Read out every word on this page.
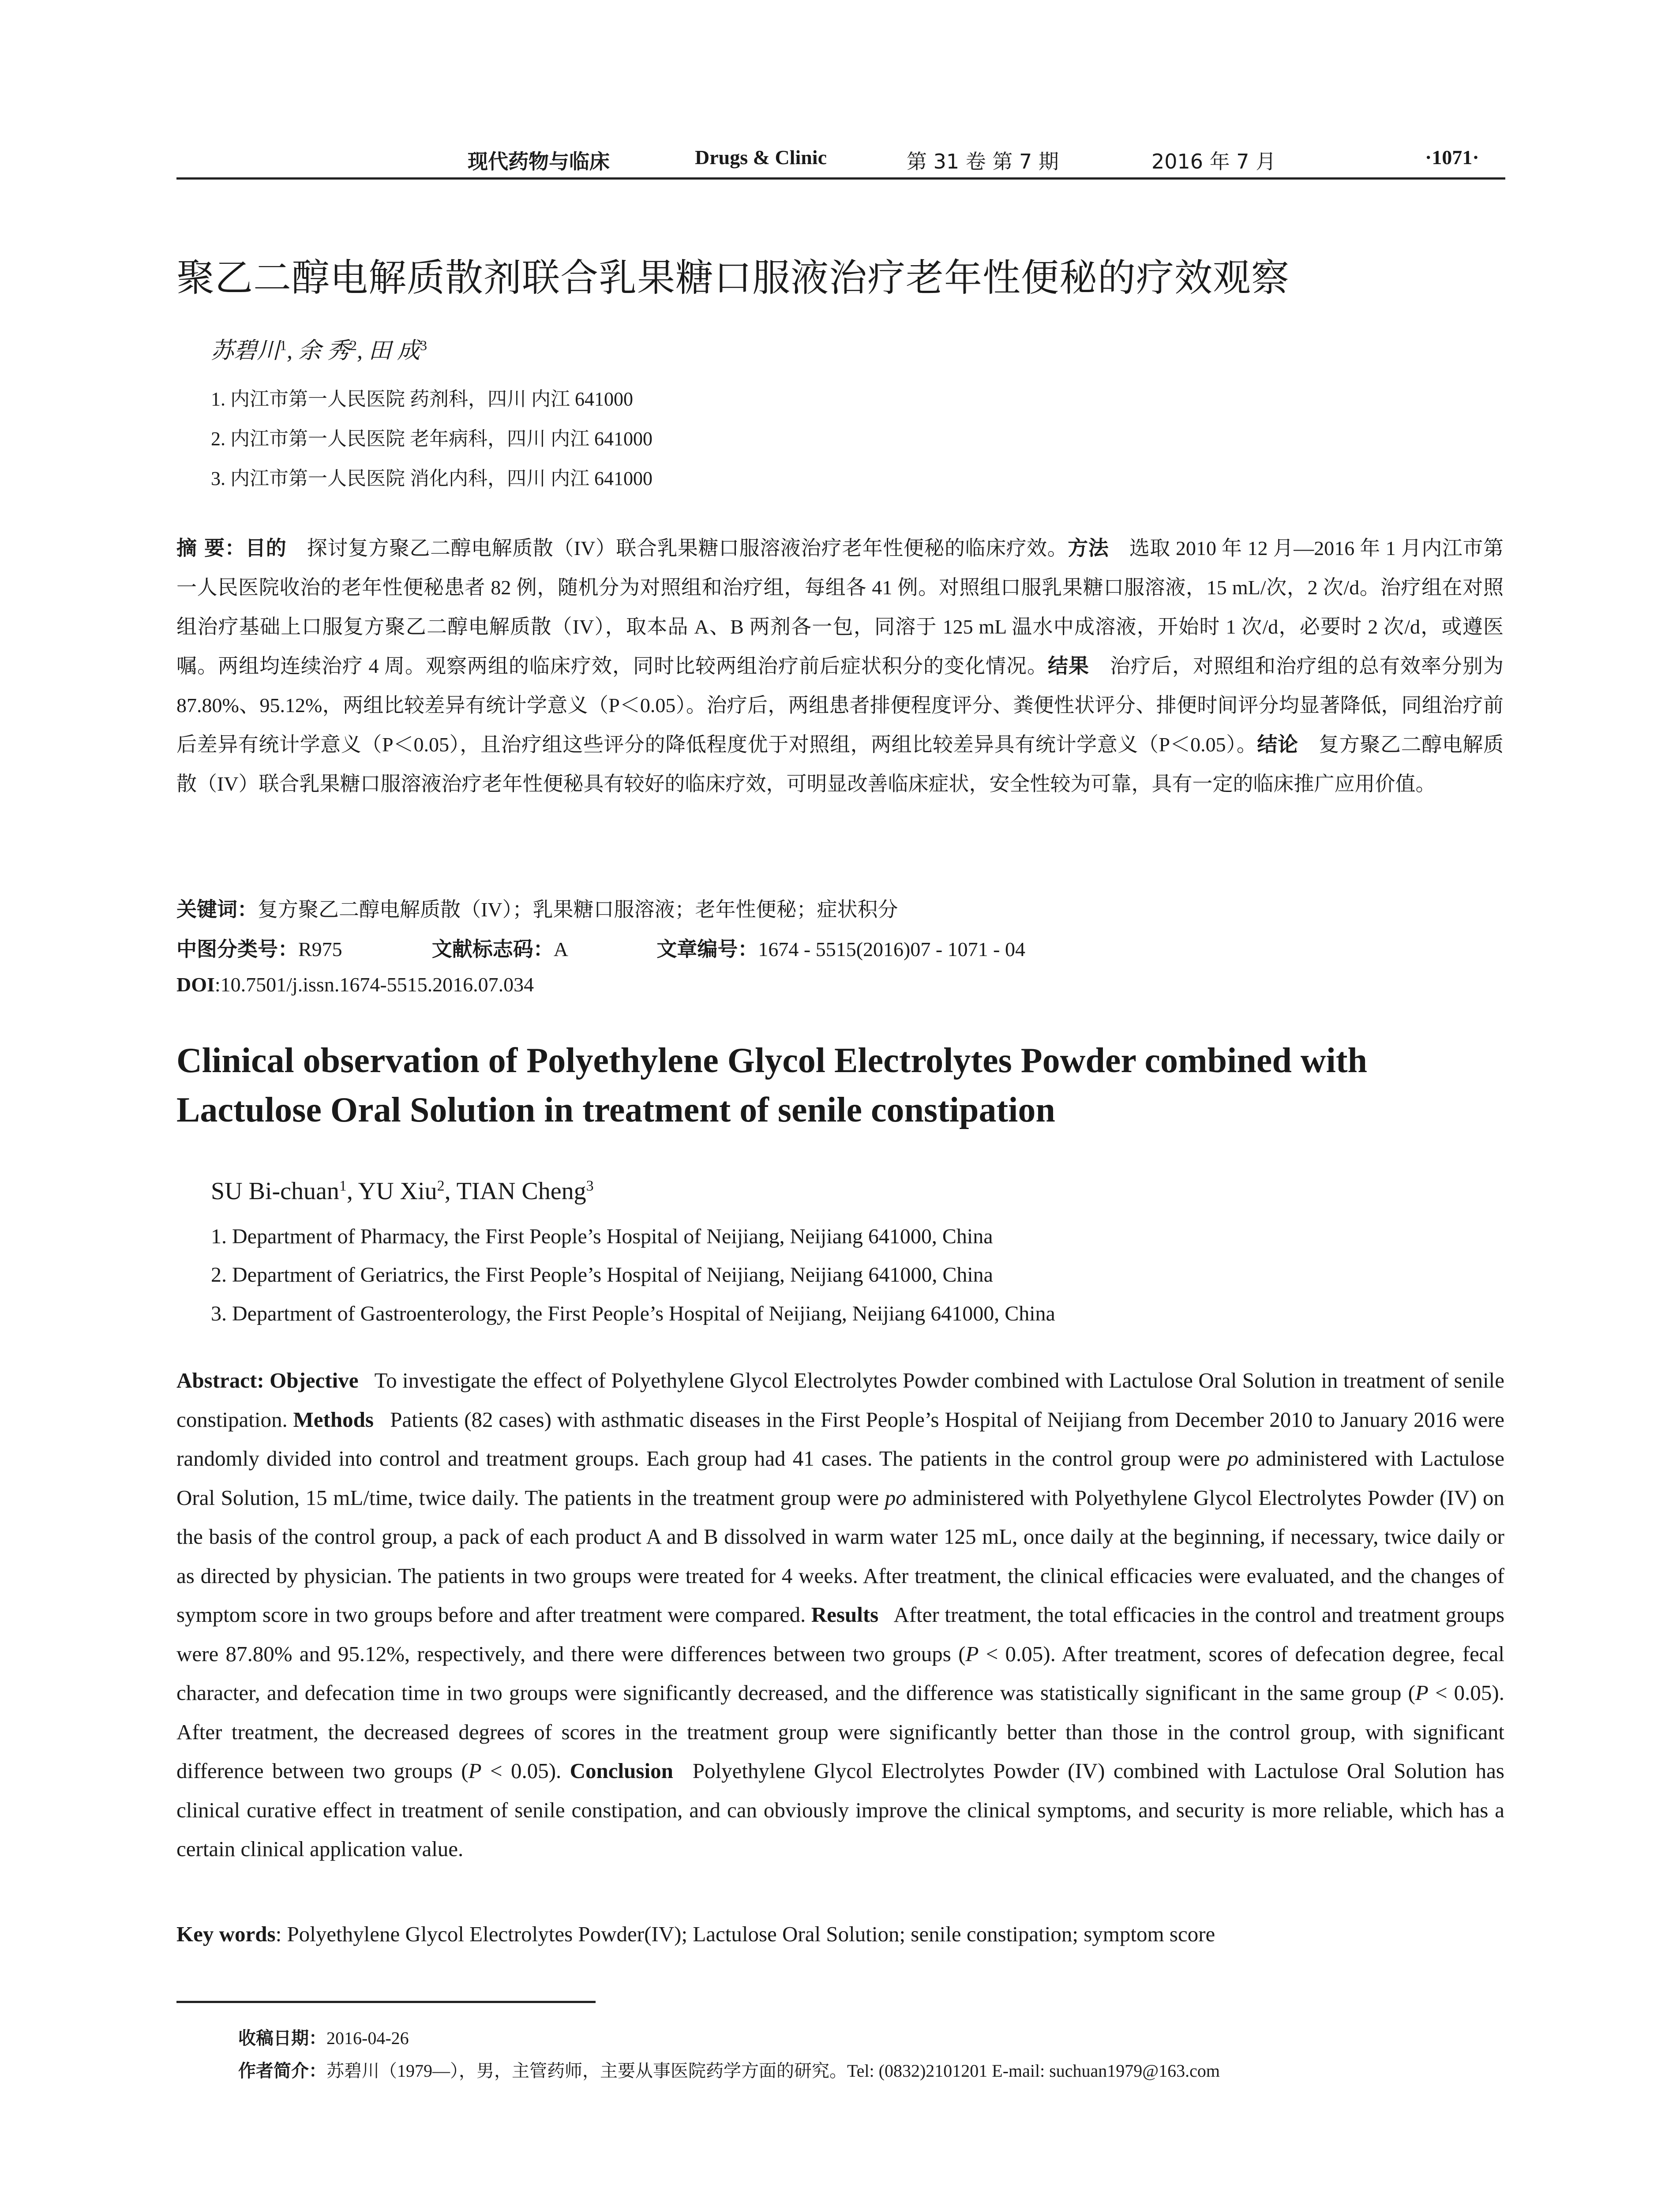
现代药物与临床	Drugs & Clinic	第 31 卷 第 7 期	2016 年 7 月	·1071·
聚乙二醇电解质散剂联合乳果糖口服液治疗老年性便秘的疗效观察
苏碧川$^1$, 余 秀$^2$, 田 成$^3$
1. 内江市第一人民医院 药剂科，四川 内江 641000
2. 内江市第一人民医院 老年病科，四川 内江 641000
3. 内江市第一人民医院 消化内科，四川 内江 641000
摘 要：目的  探讨复方聚乙二醇电解质散（IV）联合乳果糖口服溶液治疗老年性便秘的临床疗效。方法  选取 2010 年 12 月—2016 年 1 月内江市第一人民医院收治的老年性便秘患者 82 例，随机分为对照组和治疗组，每组各 41 例。对照组口服乳果糖口服溶液，15 mL/次，2 次/d。治疗组在对照组治疗基础上口服复方聚乙二醇电解质散（IV），取本品 A、B 两剂各一包，同溶于 125 mL 温水中成溶液，开始时 1 次/d，必要时 2 次/d，或遵医嘱。两组均连续治疗 4 周。观察两组的临床疗效，同时比较两组治疗前后症状积分的变化情况。结果  治疗后，对照组和治疗组的总有效率分别为 87.80%、95.12%，两组比较差异有统计学意义（P＜0.05）。治疗后，两组患者排便程度评分、粪便性状评分、排便时间评分均显著降低，同组治疗前后差异有统计学意义（P＜0.05），且治疗组这些评分的降低程度优于对照组，两组比较差异具有统计学意义（P＜0.05）。结论  复方聚乙二醇电解质散（IV）联合乳果糖口服溶液治疗老年性便秘具有较好的临床疗效，可明显改善临床症状，安全性较为可靠，具有一定的临床推广应用价值。
关键词：复方聚乙二醇电解质散（IV）；乳果糖口服溶液；老年性便秘；症状积分
中图分类号：R975	文献标志码：A	文章编号：1674 - 5515(2016)07 - 1071 - 04
DOI:10.7501/j.issn.1674-5515.2016.07.034
Clinical observation of Polyethylene Glycol Electrolytes Powder combined with Lactulose Oral Solution in treatment of senile constipation
SU Bi-chuan$^1$, YU Xiu$^2$, TIAN Cheng$^3$
1. Department of Pharmacy, the First People’s Hospital of Neijiang, Neijiang 641000, China
2. Department of Geriatrics, the First People’s Hospital of Neijiang, Neijiang 641000, China
3. Department of Gastroenterology, the First People’s Hospital of Neijiang, Neijiang 641000, China
Abstract: Objective  To investigate the effect of Polyethylene Glycol Electrolytes Powder combined with Lactulose Oral Solution in treatment of senile constipation. Methods  Patients (82 cases) with asthmatic diseases in the First People’s Hospital of Neijiang from December 2010 to January 2016 were randomly divided into control and treatment groups. Each group had 41 cases. The patients in the control group were po administered with Lactulose Oral Solution, 15 mL/time, twice daily. The patients in the treatment group were po administered with Polyethylene Glycol Electrolytes Powder (IV) on the basis of the control group, a pack of each product A and B dissolved in warm water 125 mL, once daily at the beginning, if necessary, twice daily or as directed by physician. The patients in two groups were treated for 4 weeks. After treatment, the clinical efficacies were evaluated, and the changes of symptom score in two groups before and after treatment were compared. Results  After treatment, the total efficacies in the control and treatment groups were 87.80% and 95.12%, respectively, and there were differences between two groups (P < 0.05). After treatment, scores of defecation degree, fecal character, and defecation time in two groups were significantly decreased, and the difference was statistically significant in the same group (P < 0.05). After treatment, the decreased degrees of scores in the treatment group were significantly better than those in the control group, with significant difference between two groups (P < 0.05). Conclusion  Polyethylene Glycol Electrolytes Powder (IV) combined with Lactulose Oral Solution has clinical curative effect in treatment of senile constipation, and can obviously improve the clinical symptoms, and security is more reliable, which has a certain clinical application value.
Key words: Polyethylene Glycol Electrolytes Powder(IV); Lactulose Oral Solution; senile constipation; symptom score
收稿日期：2016-04-26
作者简介：苏碧川（1979—），男，主管药师，主要从事医院药学方面的研究。Tel: (0832)2101201 E-mail: suchuan1979@163.com
